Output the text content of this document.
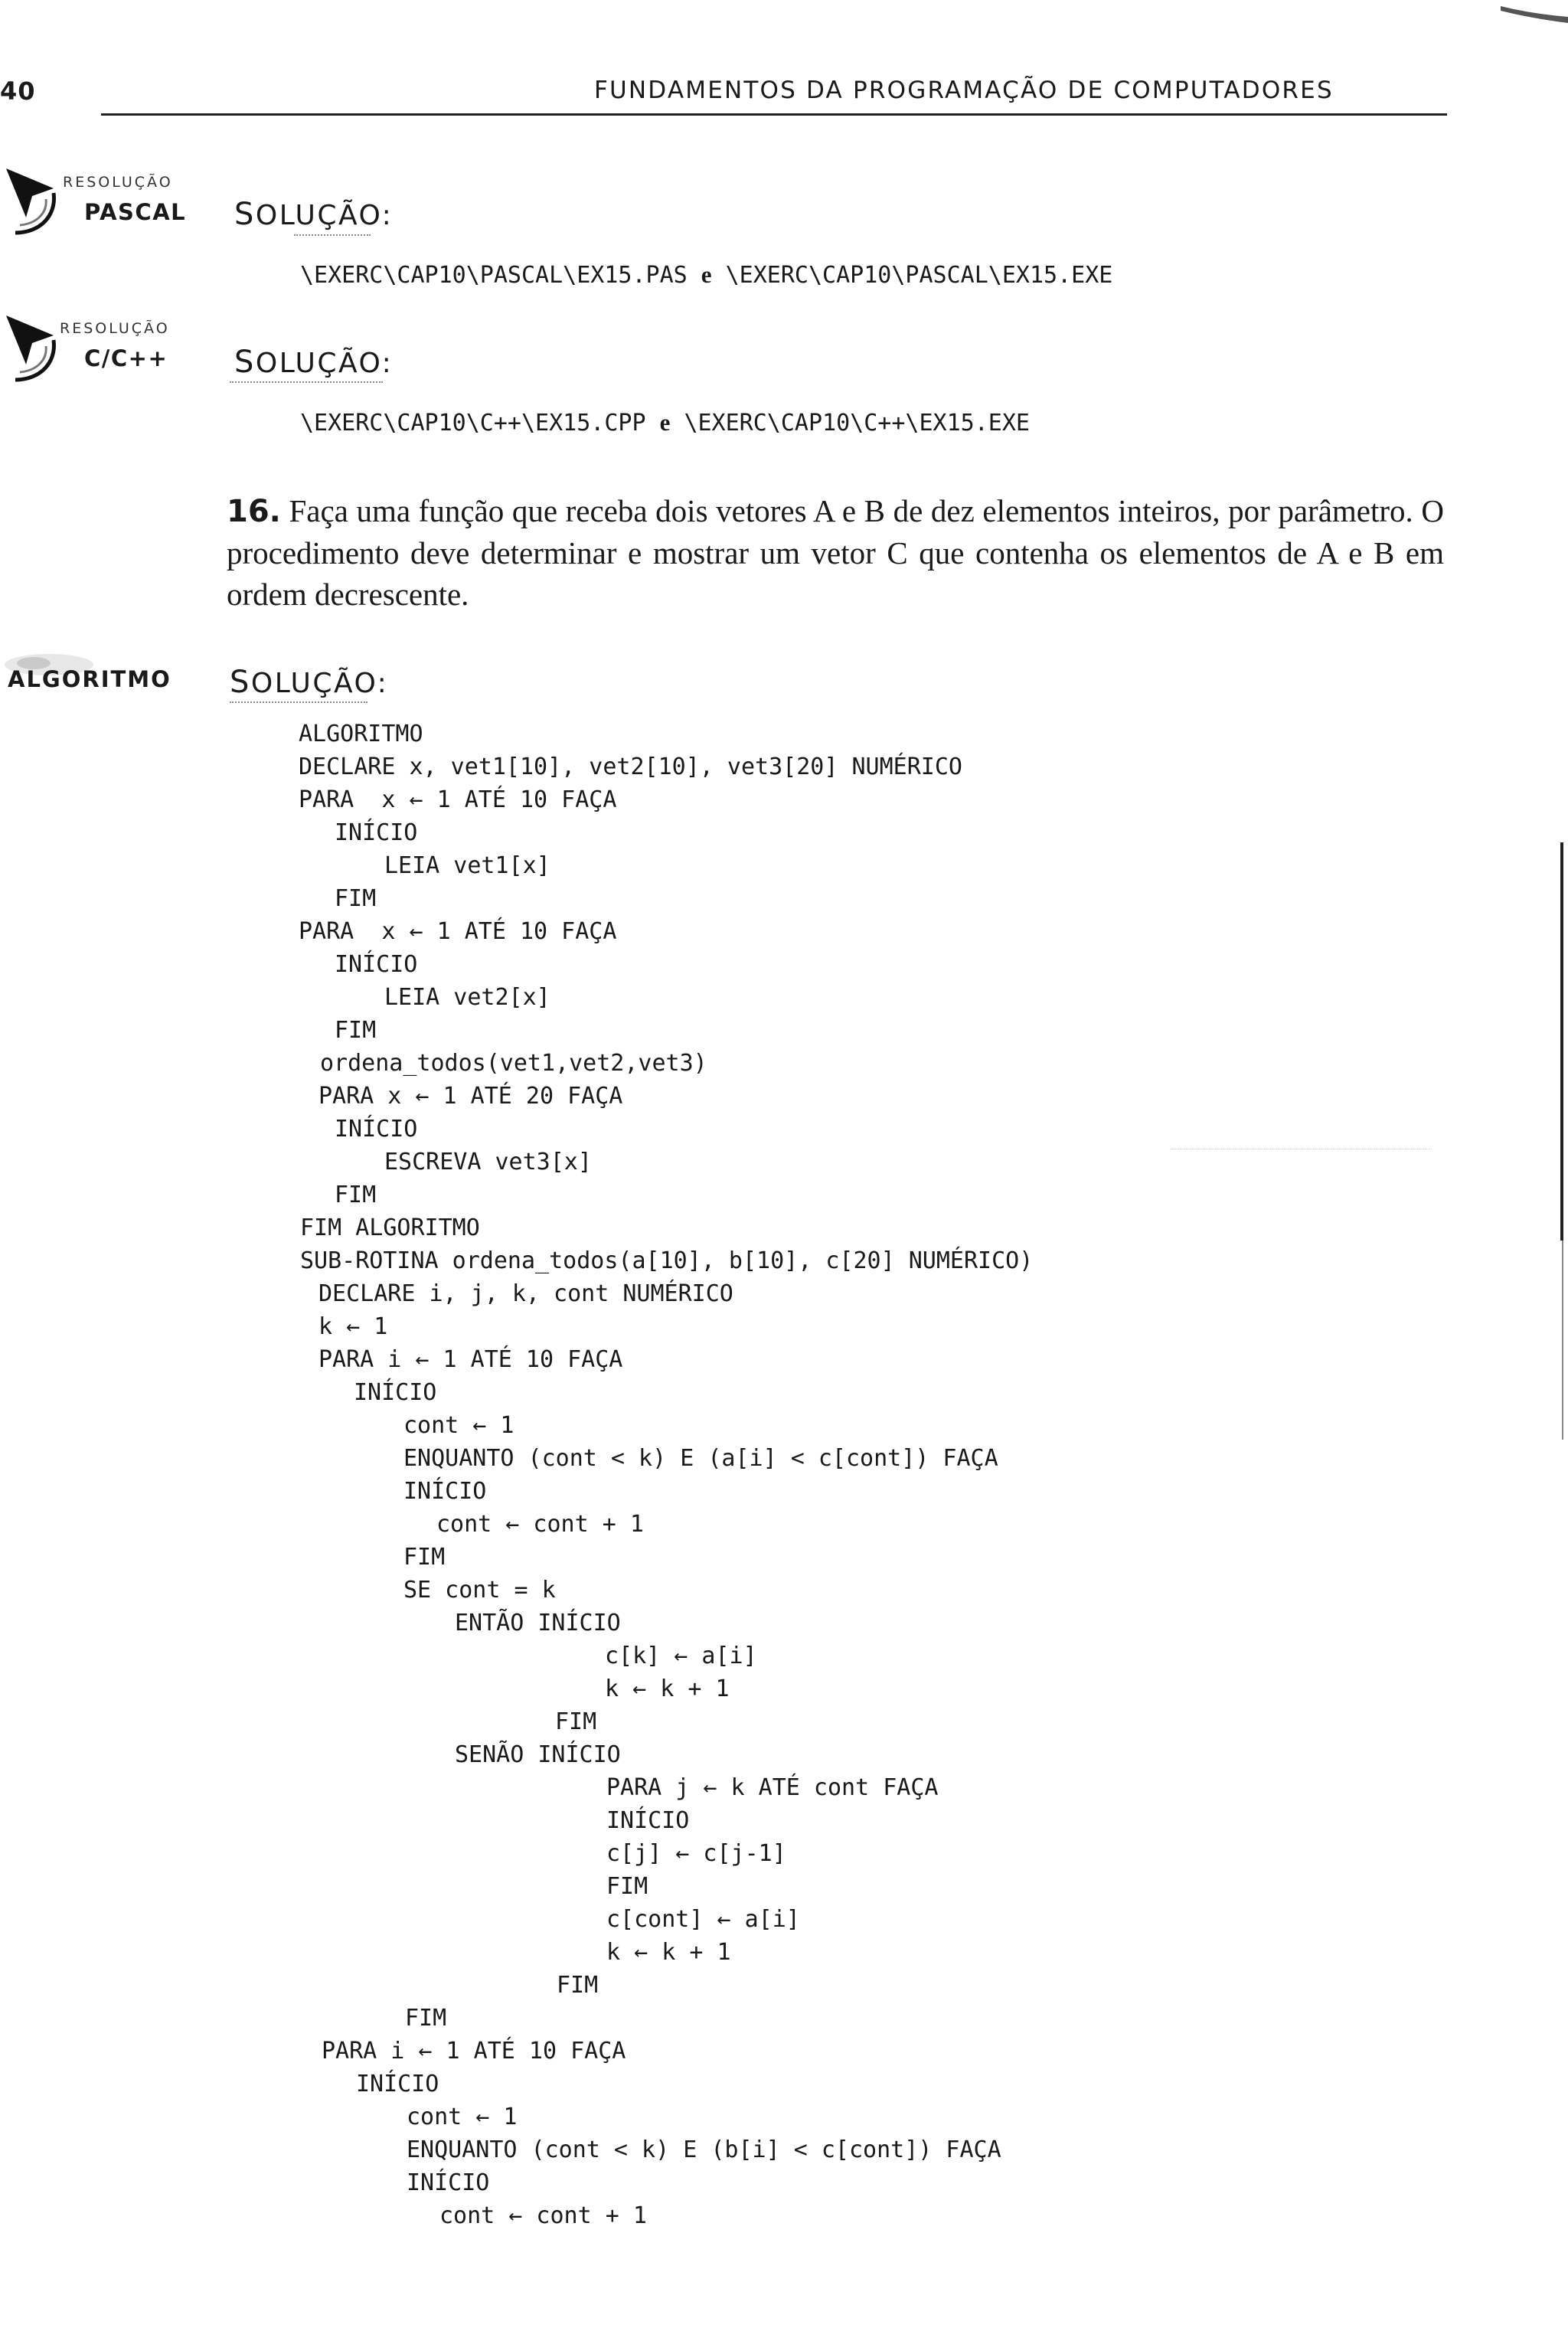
40	FUNDAMENTOS DA PROGRAMAÇÃO DE COMPUTADORES
RESOLUÇÃO
PASCAL SOLUÇÃO:
\EXERC\CAP10\PASCAL\EX15.PAS e \EXERC\CAP10\PASCAL\EX15.EXE
RESOLUÇÃO
C/C++ SOLUÇÃO:
\EXERC\CAP10\C++\EX15.CPP e \EXERC\CAP10\C++\EX15.EXE
16. Faça uma função que receba dois vetores A e B de dez elementos inteiros, por parâmetro. O procedimento deve determinar e mostrar um vetor C que contenha os elementos de A e B em ordem decrescente.
ALGORITMO SOLUÇÃO:
ALGORITMO
DECLARE x, vet1[10], vet2[10], vet3[20] NUMÉRICO
PARA  x ← 1 ATÉ 10 FAÇA
INÍCIO
LEIA vet1[x]
FIM
PARA  x ← 1 ATÉ 10 FAÇA
INÍCIO
LEIA vet2[x]
FIM
ordena_todos(vet1,vet2,vet3)
PARA x ← 1 ATÉ 20 FAÇA
INÍCIO
ESCREVA vet3[x]
FIM
FIM ALGORITMO
SUB-ROTINA ordena_todos(a[10], b[10], c[20] NUMÉRICO)
DECLARE i, j, k, cont NUMÉRICO
k ← 1
PARA i ← 1 ATÉ 10 FAÇA
INÍCIO
cont ← 1
ENQUANTO (cont < k) E (a[i] < c[cont]) FAÇA
INÍCIO
cont ← cont + 1
FIM
SE cont = k
ENTÃO INÍCIO
c[k] ← a[i]
k ← k + 1
FIM
SENÃO INÍCIO
PARA j ← k ATÉ cont FAÇA
INÍCIO
c[j] ← c[j-1]
FIM
c[cont] ← a[i]
k ← k + 1
FIM
FIM
PARA i ← 1 ATÉ 10 FAÇA
INÍCIO
cont ← 1
ENQUANTO (cont < k) E (b[i] < c[cont]) FAÇA
INÍCIO
cont ← cont + 1
